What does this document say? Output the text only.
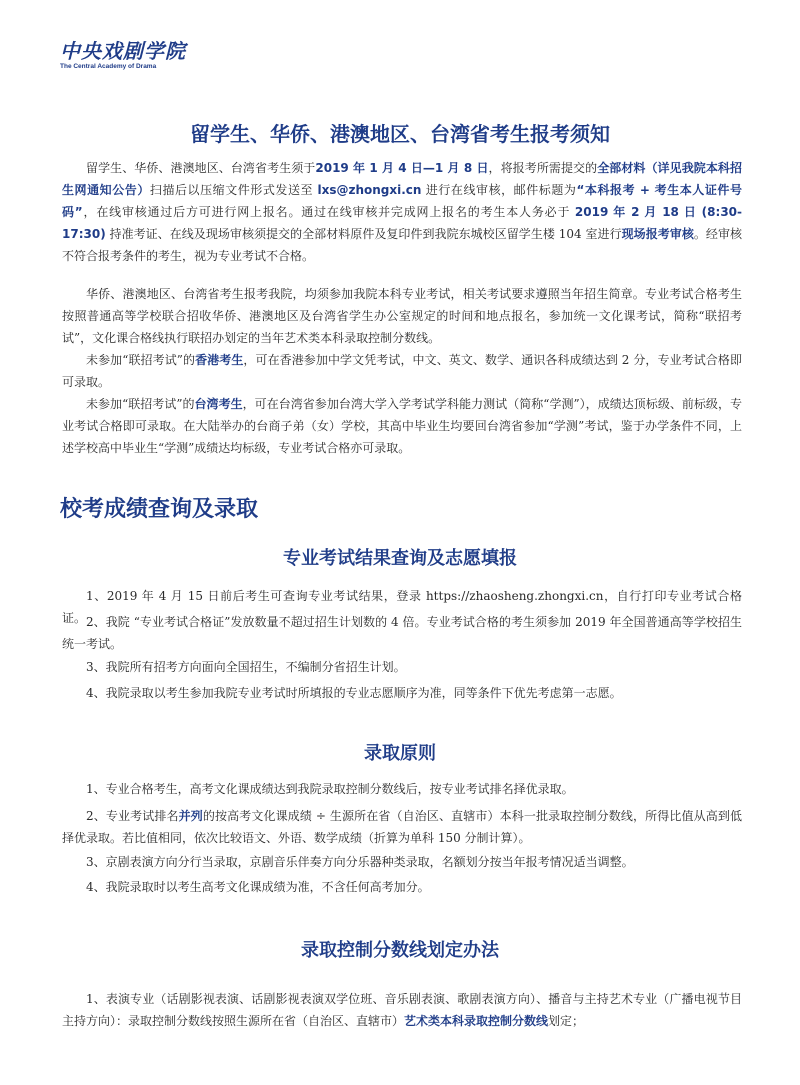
中央戏剧学院
The Central Academy of Drama
留学生、华侨、港澳地区、台湾省考生报考须知

留学生、华侨、港澳地区、台湾省考生须于2019 年 1 月 4 日—1 月 8 日，将报考所需提交的全部材料（详见我院本科招生网通知公告）扫描后以压缩文件形式发送至 lxs@zhongxi.cn 进行在线审核，邮件标题为“本科报考 + 考生本人证件号码”，在线审核通过后方可进行网上报名。通过在线审核并完成网上报名的考生本人务必于 2019 年 2 月 18 日 (8:30-17:30) 持准考证、在线及现场审核须提交的全部材料原件及复印件到我院东城校区留学生楼 104 室进行现场报考审核。经审核不符合报考条件的考生，视为专业考试不合格。

华侨、港澳地区、台湾省考生报考我院，均须参加我院本科专业考试，相关考试要求遵照当年招生简章。专业考试合格考生按照普通高等学校联合招收华侨、港澳地区及台湾省学生办公室规定的时间和地点报名，参加统一文化课考试，简称“联招考试”，文化课合格线执行联招办划定的当年艺术类本科录取控制分数线。

未参加“联招考试”的香港考生，可在香港参加中学文凭考试，中文、英文、数学、通识各科成绩达到 2 分，专业考试合格即可录取。

未参加“联招考试”的台湾考生，可在台湾省参加台湾大学入学考试学科能力测试（简称“学测”），成绩达顶标级、前标级，专业考试合格即可录取。在大陆举办的台商子弟（女）学校，其高中毕业生均要回台湾省参加“学测”考试，鉴于办学条件不同，上述学校高中毕业生“学测”成绩达均标级，专业考试合格亦可录取。

校考成绩查询及录取
专业考试结果查询及志愿填报

1、2019 年 4 月 15 日前后考生可查询专业考试结果，登录 https://zhaosheng.zhongxi.cn，自行打印专业考试合格证。 2、我院 “专业考试合格证”发放数量不超过招生计划数的 4 倍。专业考试合格的考生须参加 2019 年全国普通高等学校招生统一考试。

3、我院所有招考方向面向全国招生，不编制分省招生计划。

4、我院录取以考生参加我院专业考试时所填报的专业志愿顺序为准，同等条件下优先考虑第一志愿。

录取原则

1、专业合格考生，高考文化课成绩达到我院录取控制分数线后，按专业考试排名择优录取。

2、专业考试排名并列的按高考文化课成绩 ÷ 生源所在省（自治区、直辖市）本科一批录取控制分数线，所得比值从高到低择优录取。若比值相同，依次比较语文、外语、数学成绩（折算为单科 150 分制计算）。

3、京剧表演方向分行当录取，京剧音乐伴奏方向分乐器种类录取，名额划分按当年报考情况适当调整。

4、我院录取时以考生高考文化课成绩为准，不含任何高考加分。

录取控制分数线划定办法

1、表演专业（话剧影视表演、话剧影视表演双学位班、音乐剧表演、歌剧表演方向）、播音与主持艺术专业（广播电视节目主持方向）：录取控制分数线按照生源所在省（自治区、直辖市）艺术类本科录取控制分数线划定；
